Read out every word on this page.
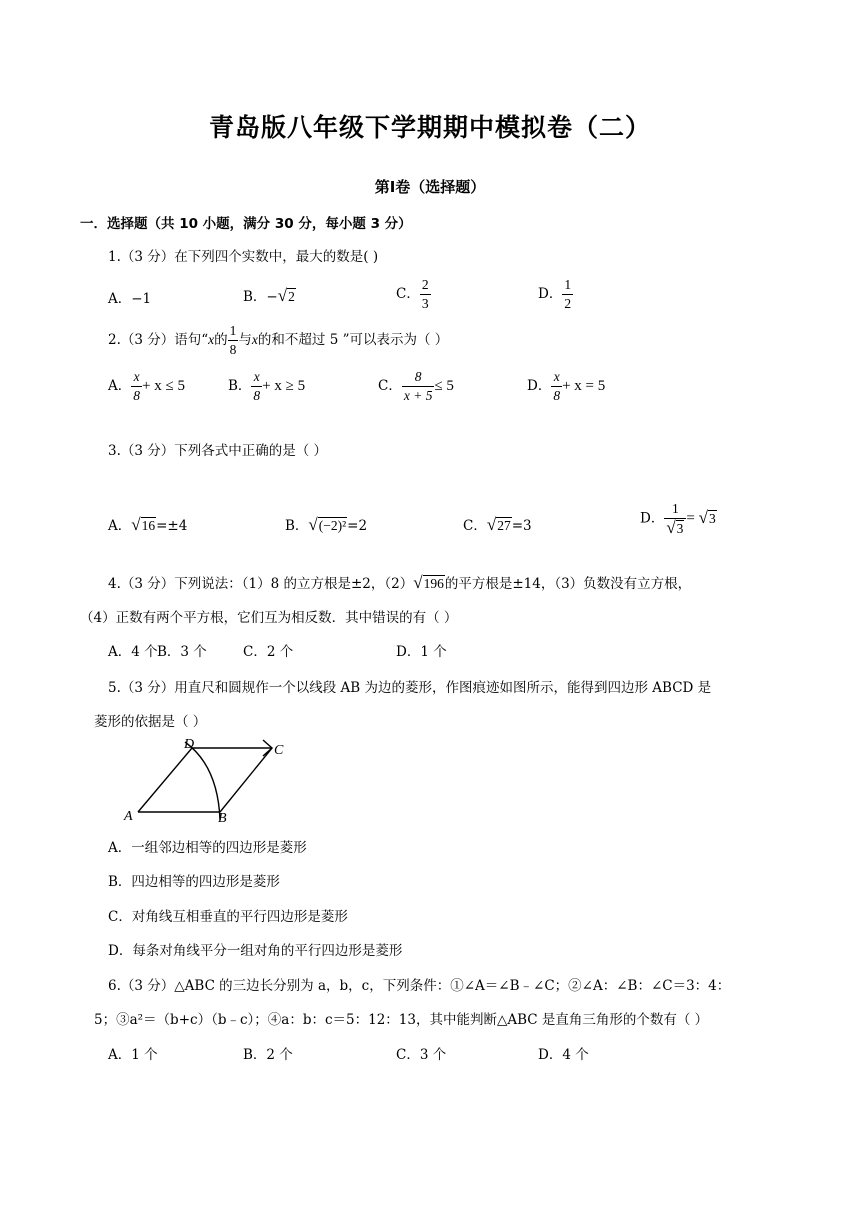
青岛版八年级下学期期中模拟卷（二）
第Ⅰ卷（选择题）
一．选择题（共 10 小题，满分 30 分，每小题 3 分）
1.（3 分）在下列四个实数中，最大的数是( )
A．−1	B．−√2	C． $\frac{2}{3}$	D． $\frac{1}{2}$
2.（3 分）语句“x的 $\frac{1}{8}$ 与x的和不超过 5 ”可以表示为（ ）
A． $\frac{x}{8} + x \le 5$	B． $\frac{x}{8} + x \ge 5$	C． $\frac{8}{x + 5} \le 5$	D． $\frac{x}{8} + x = 5$
3.（3 分）下列各式中正确的是（ ）
A．√16=±4	B．√(−2)²=2	C．√27=3	D． $\frac{1}{√3} = √3$
4.（3 分）下列说法：（1）8 的立方根是±2，（2）√196的平方根是±14，（3）负数没有立方根，
（4）正数有两个平方根，它们互为相反数．其中错误的有（ ）
A．4 个 B．3 个	C．2 个	D．1 个
5.（3 分）用直尺和圆规作一个以线段 AB 为边的菱形，作图痕迹如图所示，能得到四边形 ABCD 是
菱形的依据是（ ）
A	B
C
D
A．一组邻边相等的四边形是菱形
B．四边相等的四边形是菱形
C．对角线互相垂直的平行四边形是菱形
D．每条对角线平分一组对角的平行四边形是菱形
6.（3 分）△ABC 的三边长分别为 a，b，c，下列条件：①∠A＝∠B﹣∠C；②∠A：∠B：∠C＝3：4：
5；③a²＝（b+c）（b﹣c）；④a：b：c＝5：12：13，其中能判断△ABC 是直角三角形的个数有（ ）
A．1 个	B．2 个	C．3 个	D．4 个
